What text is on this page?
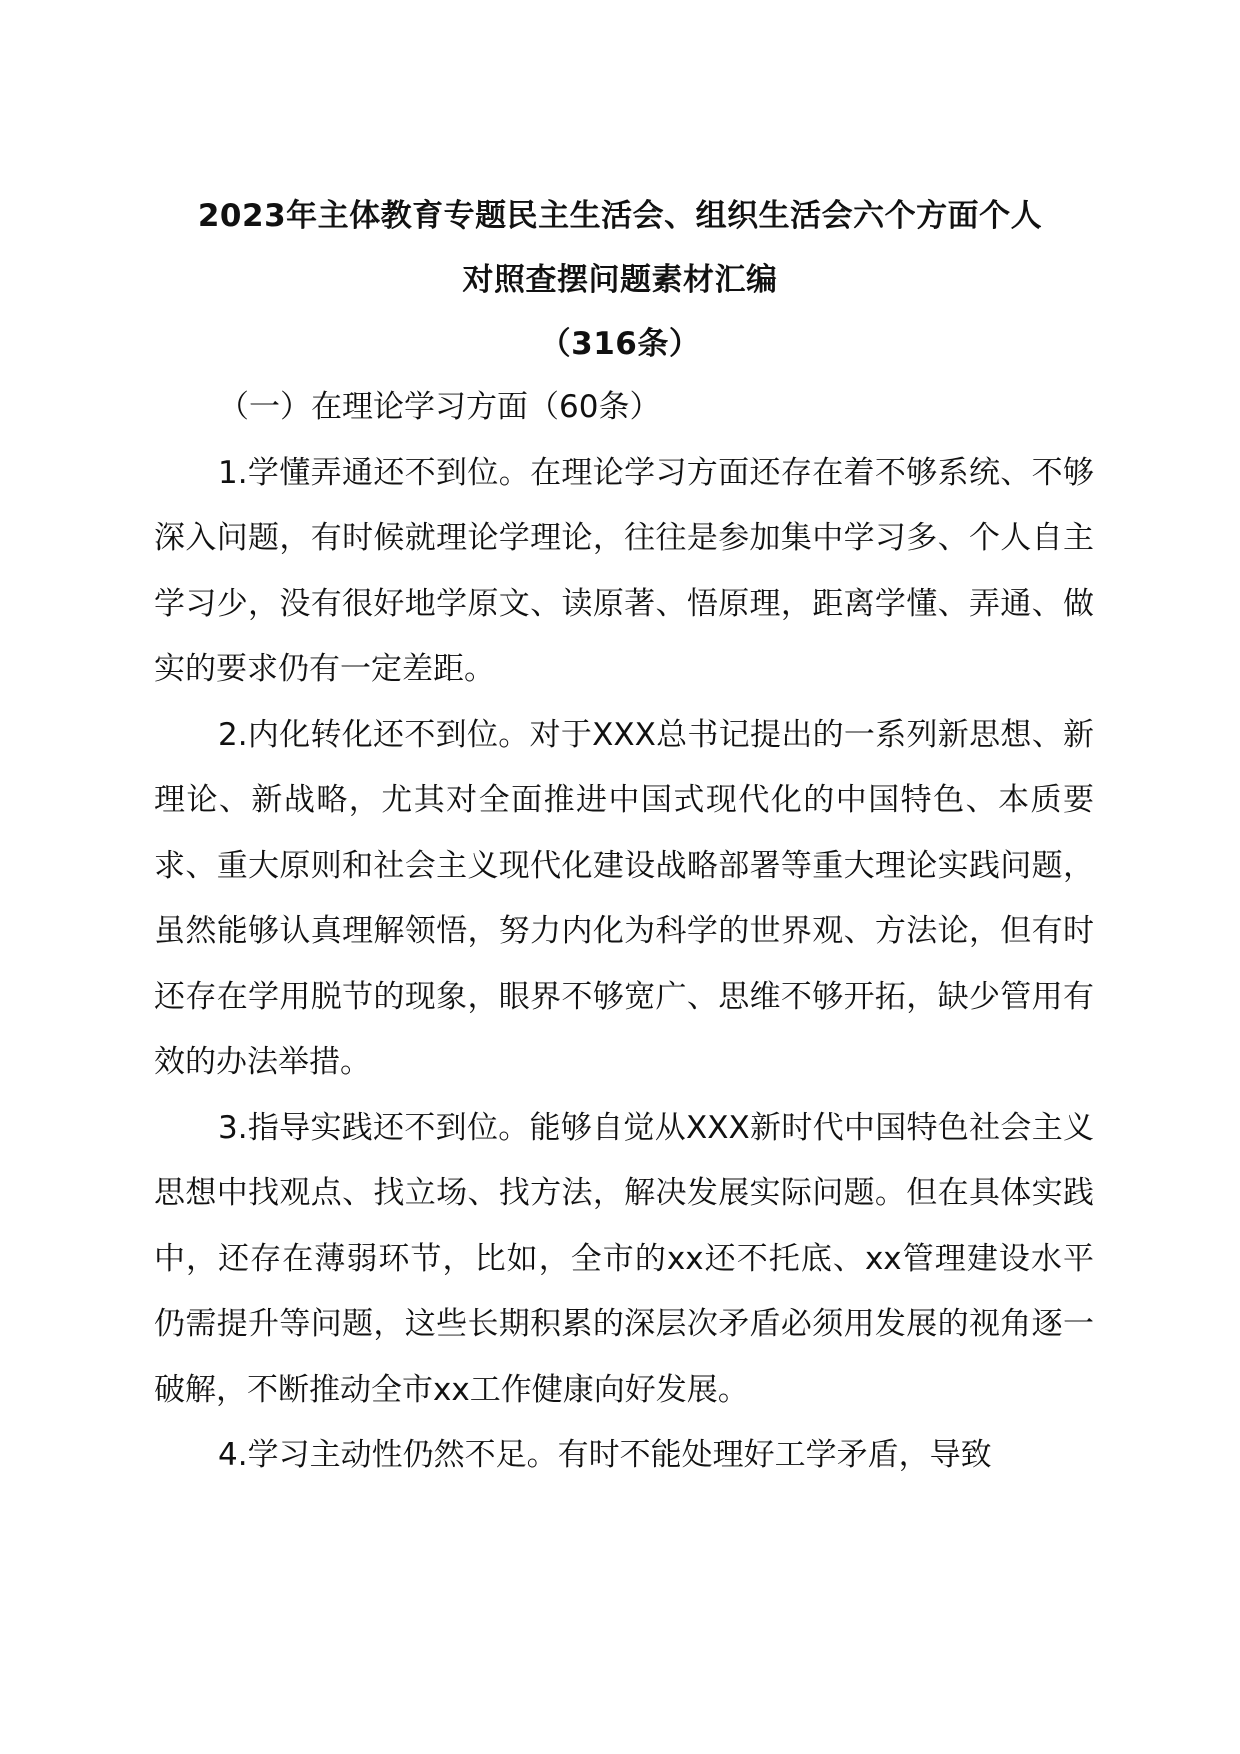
2023年主体教育专题民主生活会、组织生活会六个方面个人
对照查摆问题素材汇编
（316条）

（一）在理论学习方面（60条）

1.学懂弄通还不到位。在理论学习方面还存在着不够系统、不够深入问题，有时候就理论学理论，往往是参加集中学习多、个人自主学习少，没有很好地学原文、读原著、悟原理，距离学懂、弄通、做实的要求仍有一定差距。

2.内化转化还不到位。对于XXX总书记提出的一系列新思想、新理论、新战略，尤其对全面推进中国式现代化的中国特色、本质要求、重大原则和社会主义现代化建设战略部署等重大理论实践问题，虽然能够认真理解领悟，努力内化为科学的世界观、方法论，但有时还存在学用脱节的现象，眼界不够宽广、思维不够开拓，缺少管用有效的办法举措。

3.指导实践还不到位。能够自觉从XXX新时代中国特色社会主义思想中找观点、找立场、找方法，解决发展实际问题。但在具体实践中，还存在薄弱环节，比如，全市的xx还不托底、xx管理建设水平仍需提升等问题，这些长期积累的深层次矛盾必须用发展的视角逐一破解，不断推动全市xx工作健康向好发展。

4.学习主动性仍然不足。有时不能处理好工学矛盾，导致
